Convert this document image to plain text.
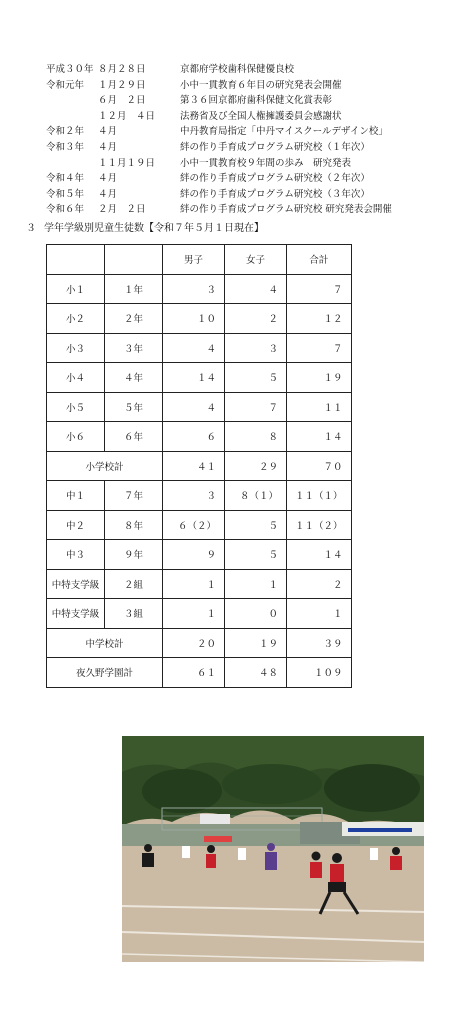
平成３０年 ８月２８日	京都府学校歯科保健優良校
令和元年 １月２９日	小中一貫教育６年目の研究発表会開催
６月　２日	第３６回京都府歯科保健文化賞表彰
１２月　４日	法務省及び全国人権擁護委員会感謝状
令和２年 ４月	中丹教育局指定「中丹マイスクールデザイン校」
令和３年 ４月	絆の作り手育成プログラム研究校（１年次）
１１月１９日	小中一貫教育校９年間の歩み　研究発表
令和４年 ４月	絆の作り手育成プログラム研究校（２年次）
令和５年 ４月	絆の作り手育成プログラム研究校（３年次）
令和６年 ２月　２日	絆の作り手育成プログラム研究校 研究発表会開催
３ 学年学級別児童生徒数【令和７年５月１日現在】
		男子	女子	合計
小１	１年	３	４	７
小２	２年	１０	２	１２
小３	３年	４	３	７
小４	４年	１４	５	１９
小５	５年	４	７	１１
小６	６年	６	８	１４
小学校計		４１	２９	７０
中１	７年	３	８（１）	１１（１）
中２	８年	６（２）	５	１１（２）
中３	９年	９	５	１４
中特支学級	２組	１	１	２
中特支学級	３組	１	０	１
中学校計		２０	１９	３９
夜久野学園計		６１	４８	１０９
